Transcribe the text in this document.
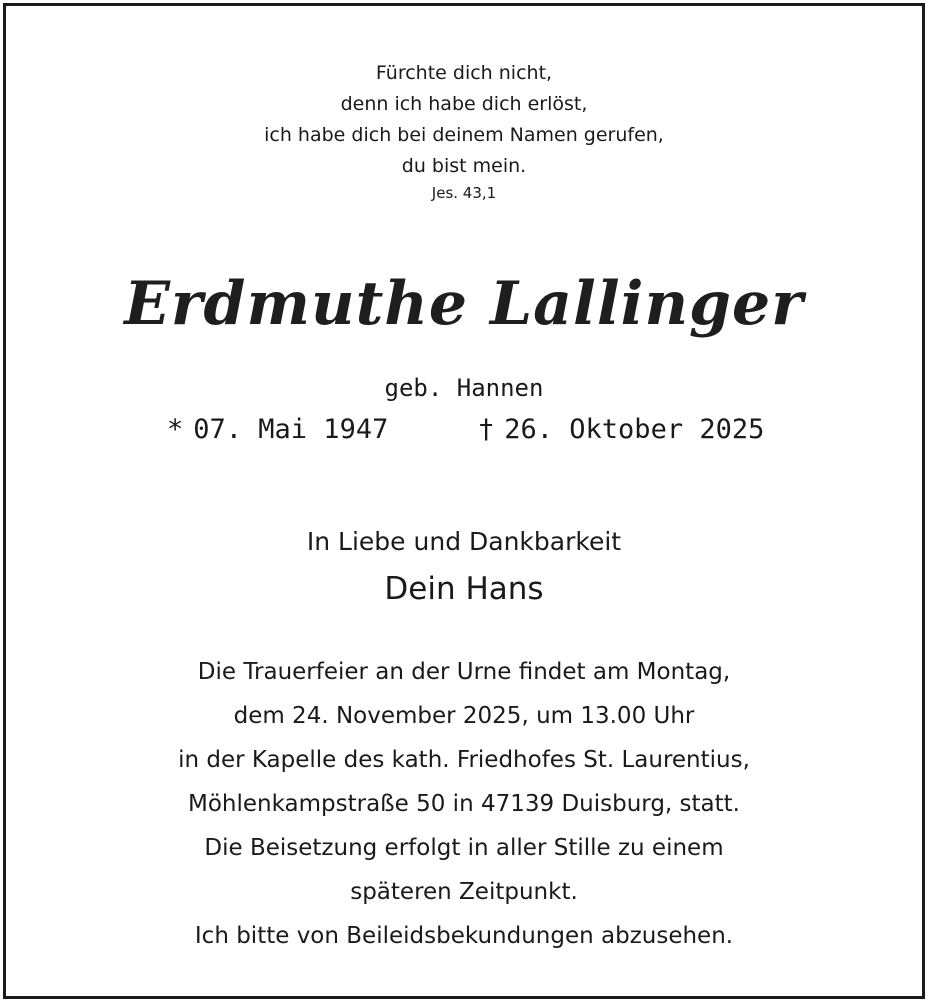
Fürchte dich nicht,
denn ich habe dich erlöst,
ich habe dich bei deinem Namen gerufen,
du bist mein.
Jes. 43,1
Erdmuthe Lallinger
geb. Hannen
* 07. Mai 1947	† 26. Oktober 2025
In Liebe und Dankbarkeit
Dein Hans
Die Trauerfeier an der Urne findet am Montag,
dem 24. November 2025, um 13.00 Uhr
in der Kapelle des kath. Friedhofes St. Laurentius,
Möhlenkampstraße 50 in 47139 Duisburg, statt.
Die Beisetzung erfolgt in aller Stille zu einem
späteren Zeitpunkt.
Ich bitte von Beileidsbekundungen abzusehen.
